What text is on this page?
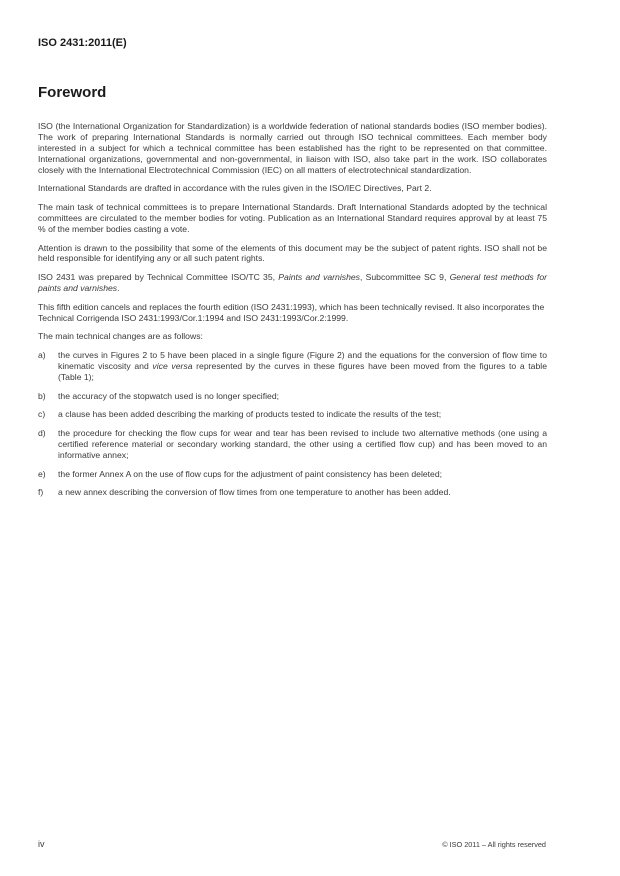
ISO 2431:2011(E)
Foreword

ISO (the International Organization for Standardization) is a worldwide federation of national standards bodies (ISO member bodies). The work of preparing International Standards is normally carried out through ISO technical committees. Each member body interested in a subject for which a technical committee has been established has the right to be represented on that committee. International organizations, governmental and non-governmental, in liaison with ISO, also take part in the work. ISO collaborates closely with the International Electrotechnical Commission (IEC) on all matters of electrotechnical standardization.

International Standards are drafted in accordance with the rules given in the ISO/IEC Directives, Part 2.

The main task of technical committees is to prepare International Standards. Draft International Standards adopted by the technical committees are circulated to the member bodies for voting. Publication as an International Standard requires approval by at least 75 % of the member bodies casting a vote.

Attention is drawn to the possibility that some of the elements of this document may be the subject of patent rights. ISO shall not be held responsible for identifying any or all such patent rights.

ISO 2431 was prepared by Technical Committee ISO/TC 35, Paints and varnishes, Subcommittee SC 9, General test methods for paints and varnishes.

This fifth edition cancels and replaces the fourth edition (ISO 2431:1993), which has been technically revised. It also incorporates the Technical Corrigenda ISO 2431:1993/Cor.1:1994 and ISO 2431:1993/Cor.2:1999.

The main technical changes are as follows:

a)	the curves in Figures 2 to 5 have been placed in a single figure (Figure 2) and the equations for the conversion of flow time to kinematic viscosity and vice versa represented by the curves in these figures have been moved from the figures to a table (Table 1);
b)	the accuracy of the stopwatch used is no longer specified;
c)	a clause has been added describing the marking of products tested to indicate the results of the test;
d)	the procedure for checking the flow cups for wear and tear has been revised to include two alternative methods (one using a certified reference material or secondary working standard, the other using a certified flow cup) and has been moved to an informative annex;
e)	the former Annex A on the use of flow cups for the adjustment of paint consistency has been deleted;
f)	a new annex describing the conversion of flow times from one temperature to another has been added.
iv	© ISO 2011 – All rights reserved
